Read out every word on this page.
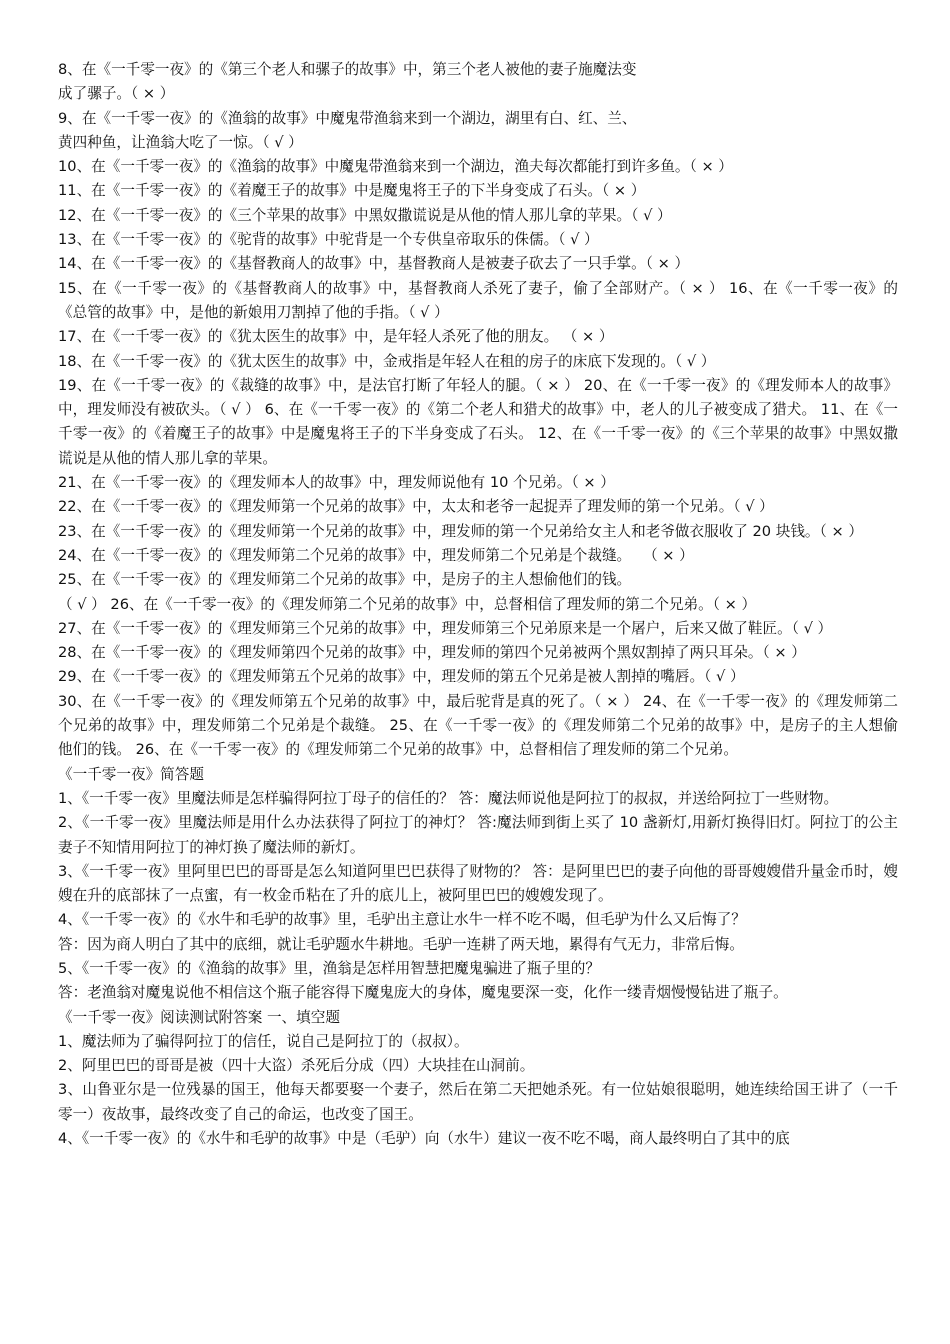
8、在《一千零一夜》的《第三个老人和骡子的故事》中，第三个老人被他的妻子施魔法变

成了骡子。（ × ）

9、在《一千零一夜》的《渔翁的故事》中魔鬼带渔翁来到一个湖边，湖里有白、红、兰、

黄四种鱼，让渔翁大吃了一惊。（ √ ）

10、在《一千零一夜》的《渔翁的故事》中魔鬼带渔翁来到一个湖边，渔夫每次都能打到许多鱼。（ × ）

11、在《一千零一夜》的《着魔王子的故事》中是魔鬼将王子的下半身变成了石头。（ × ）

12、在《一千零一夜》的《三个苹果的故事》中黑奴撒谎说是从他的情人那儿拿的苹果。（ √ ）

13、在《一千零一夜》的《驼背的故事》中驼背是一个专供皇帝取乐的侏儒。（ √ ）

14、在《一千零一夜》的《基督教商人的故事》中，基督教商人是被妻子砍去了一只手掌。（ × ）

15、在《一千零一夜》的《基督教商人的故事》中，基督教商人杀死了妻子，偷了全部财产。（ × ） 16、在《一千零一夜》的《总管的故事》中，是他的新娘用刀割掉了他的手指。（ √ ）

17、在《一千零一夜》的《犹太医生的故事》中，是年轻人杀死了他的朋友。 （ × ）

18、在《一千零一夜》的《犹太医生的故事》中，金戒指是年轻人在租的房子的床底下发现的。（ √ ）

19、在《一千零一夜》的《裁缝的故事》中，是法官打断了年轻人的腿。（ × ） 20、在《一千零一夜》的《理发师本人的故事》中，理发师没有被砍头。（ √ ） 6、在《一千零一夜》的《第二个老人和猎犬的故事》中，老人的儿子被变成了猎犬。 11、在《一千零一夜》的《着魔王子的故事》中是魔鬼将王子的下半身变成了石头。 12、在《一千零一夜》的《三个苹果的故事》中黑奴撒谎说是从他的情人那儿拿的苹果。

21、在《一千零一夜》的《理发师本人的故事》中，理发师说他有 10 个兄弟。（ × ）

22、在《一千零一夜》的《理发师第一个兄弟的故事》中，太太和老爷一起捉弄了理发师的第一个兄弟。（ √ ）

23、在《一千零一夜》的《理发师第一个兄弟的故事》中，理发师的第一个兄弟给女主人和老爷做衣服收了 20 块钱。（ × ）

24、在《一千零一夜》的《理发师第二个兄弟的故事》中，理发师第二个兄弟是个裁缝。　 （ × ）

25、在《一千零一夜》的《理发师第二个兄弟的故事》中，是房子的主人想偷他们的钱。

（ √ ） 26、在《一千零一夜》的《理发师第二个兄弟的故事》中，总督相信了理发师的第二个兄弟。（ × ）

27、在《一千零一夜》的《理发师第三个兄弟的故事》中，理发师第三个兄弟原来是一个屠户，后来又做了鞋匠。（ √ ）

28、在《一千零一夜》的《理发师第四个兄弟的故事》中，理发师的第四个兄弟被两个黑奴割掉了两只耳朵。（ × ）

29、在《一千零一夜》的《理发师第五个兄弟的故事》中，理发师的第五个兄弟是被人割掉的嘴唇。（ √ ）

30、在《一千零一夜》的《理发师第五个兄弟的故事》中，最后驼背是真的死了。（ × ） 24、在《一千零一夜》的《理发师第二个兄弟的故事》中，理发师第二个兄弟是个裁缝。 25、在《一千零一夜》的《理发师第二个兄弟的故事》中，是房子的主人想偷他们的钱。 26、在《一千零一夜》的《理发师第二个兄弟的故事》中，总督相信了理发师的第二个兄弟。

《一千零一夜》简答题

1、《一千零一夜》里魔法师是怎样骗得阿拉丁母子的信任的？ 答：魔法师说他是阿拉丁的叔叔，并送给阿拉丁一些财物。

2、《一千零一夜》里魔法师是用什么办法获得了阿拉丁的神灯？ 答:魔法师到街上买了 10 盏新灯,用新灯换得旧灯。阿拉丁的公主妻子不知情用阿拉丁的神灯换了魔法师的新灯。

3、《一千零一夜》里阿里巴巴的哥哥是怎么知道阿里巴巴获得了财物的？ 答：是阿里巴巴的妻子向他的哥哥嫂嫂借升量金币时，嫂嫂在升的底部抹了一点蜜，有一枚金币粘在了升的底儿上，被阿里巴巴的嫂嫂发现了。

4、《一千零一夜》的《水牛和毛驴的故事》里，毛驴出主意让水牛一样不吃不喝，但毛驴为什么又后悔了？

答：因为商人明白了其中的底细，就让毛驴题水牛耕地。毛驴一连耕了两天地，累得有气无力，非常后悔。

5、《一千零一夜》的《渔翁的故事》里，渔翁是怎样用智慧把魔鬼骗进了瓶子里的？

答：老渔翁对魔鬼说他不相信这个瓶子能容得下魔鬼庞大的身体，魔鬼要深一变，化作一缕青烟慢慢钻进了瓶子。

《一千零一夜》阅读测试附答案 一、填空题

1、魔法师为了骗得阿拉丁的信任，说自己是阿拉丁的（叔叔）。

2、阿里巴巴的哥哥是被（四十大盗）杀死后分成（四）大块挂在山洞前。

3、山鲁亚尔是一位残暴的国王，他每天都要娶一个妻子，然后在第二天把她杀死。有一位姑娘很聪明，她连续给国王讲了（一千零一）夜故事，最终改变了自己的命运，也改变了国王。

4、《一千零一夜》的《水牛和毛驴的故事》中是（毛驴）向（水牛）建议一夜不吃不喝，商人最终明白了其中的底
